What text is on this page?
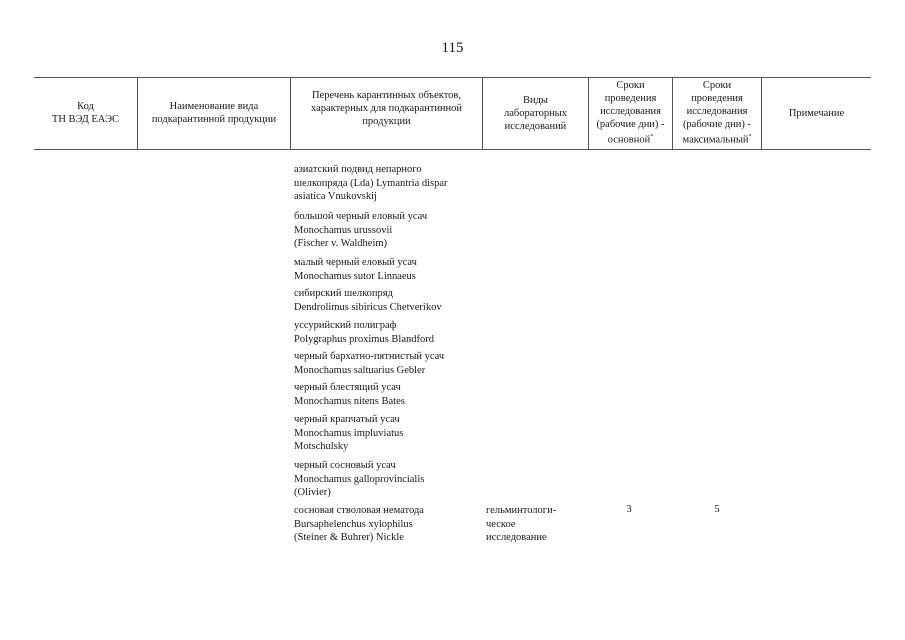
115
Код
ТН ВЭД ЕАЭС
Наименование вида
подкарантинной продукции
Перечень карантинных объектов,
характерных для подкарантинной
продукции
Виды
лабораторных
исследований
Сроки
проведения
исследования
(рабочие дни) -
основной*
Сроки
проведения
исследования
(рабочие дни) -
максимальный*
Примечание
азиатский подвид непарного
шелкопряда (Lda) Lymantria dispar
asiatica Vnukovskij
большой черный еловый усач
Monochamus urussovii
(Fischer v. Waldheim)
малый черный еловый усач
Monochamus sutor Linnaeus
сибирский шелкопряд
Dendrolimus sibiricus Chetverikov
уссурийский полиграф
Polygraphus proximus Blandford
черный бархатно-пятнистый усач
Monochamus saltuarius Gebler
черный блестящий усач
Monochamus nitens Bates
черный крапчатый усач
Monochamus impluviatus
Motschulsky
черный сосновый усач
Monochamus galloprovincialis
(Olivier)
сосновая стволовая нематода
Bursaphelenchus xylophilus
(Steiner & Buhrer) Nickle
гельминтологи-
ческое
исследование
3	5
